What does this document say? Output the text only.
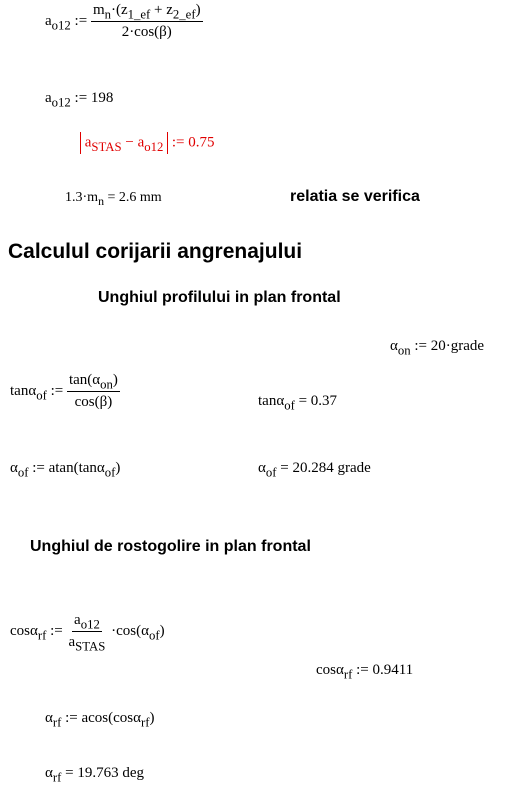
$a_{o12}$ := $\frac{m_n\cdot(z_{1\_ef} + z_{2\_ef})}{2\cdot\cos(\beta)}$
$a_{o12}$ := 198
$a_{STAS} - a_{o12}$  := 0.75
$1.3\cdot m_n = 2.6$ mm	relatia se verifica
Calculul corijarii angrenajului
Unghiul profilului in plan frontal
$\alpha_{on}$ := 20·grade
tanα$_{of}$ := $\frac{\tan(\alpha_{on})}{\cos(\beta)}$	tanα$_{of}$ = 0.37
$\alpha_{of}$ := atan(tanα$_{of}$)	$\alpha_{of} = 20.284$ grade
Unghiul de rostogolire in plan frontal
cosα$_{rf}$ := $\frac{a_{o12}}{a_{STAS}} \cdot\cos(\alpha_{of})$
cosα$_{rf}$ := 0.9411
$\alpha_{rf}$ := acos(cosα$_{rf}$)
$\alpha_{rf} = 19.763$ deg
